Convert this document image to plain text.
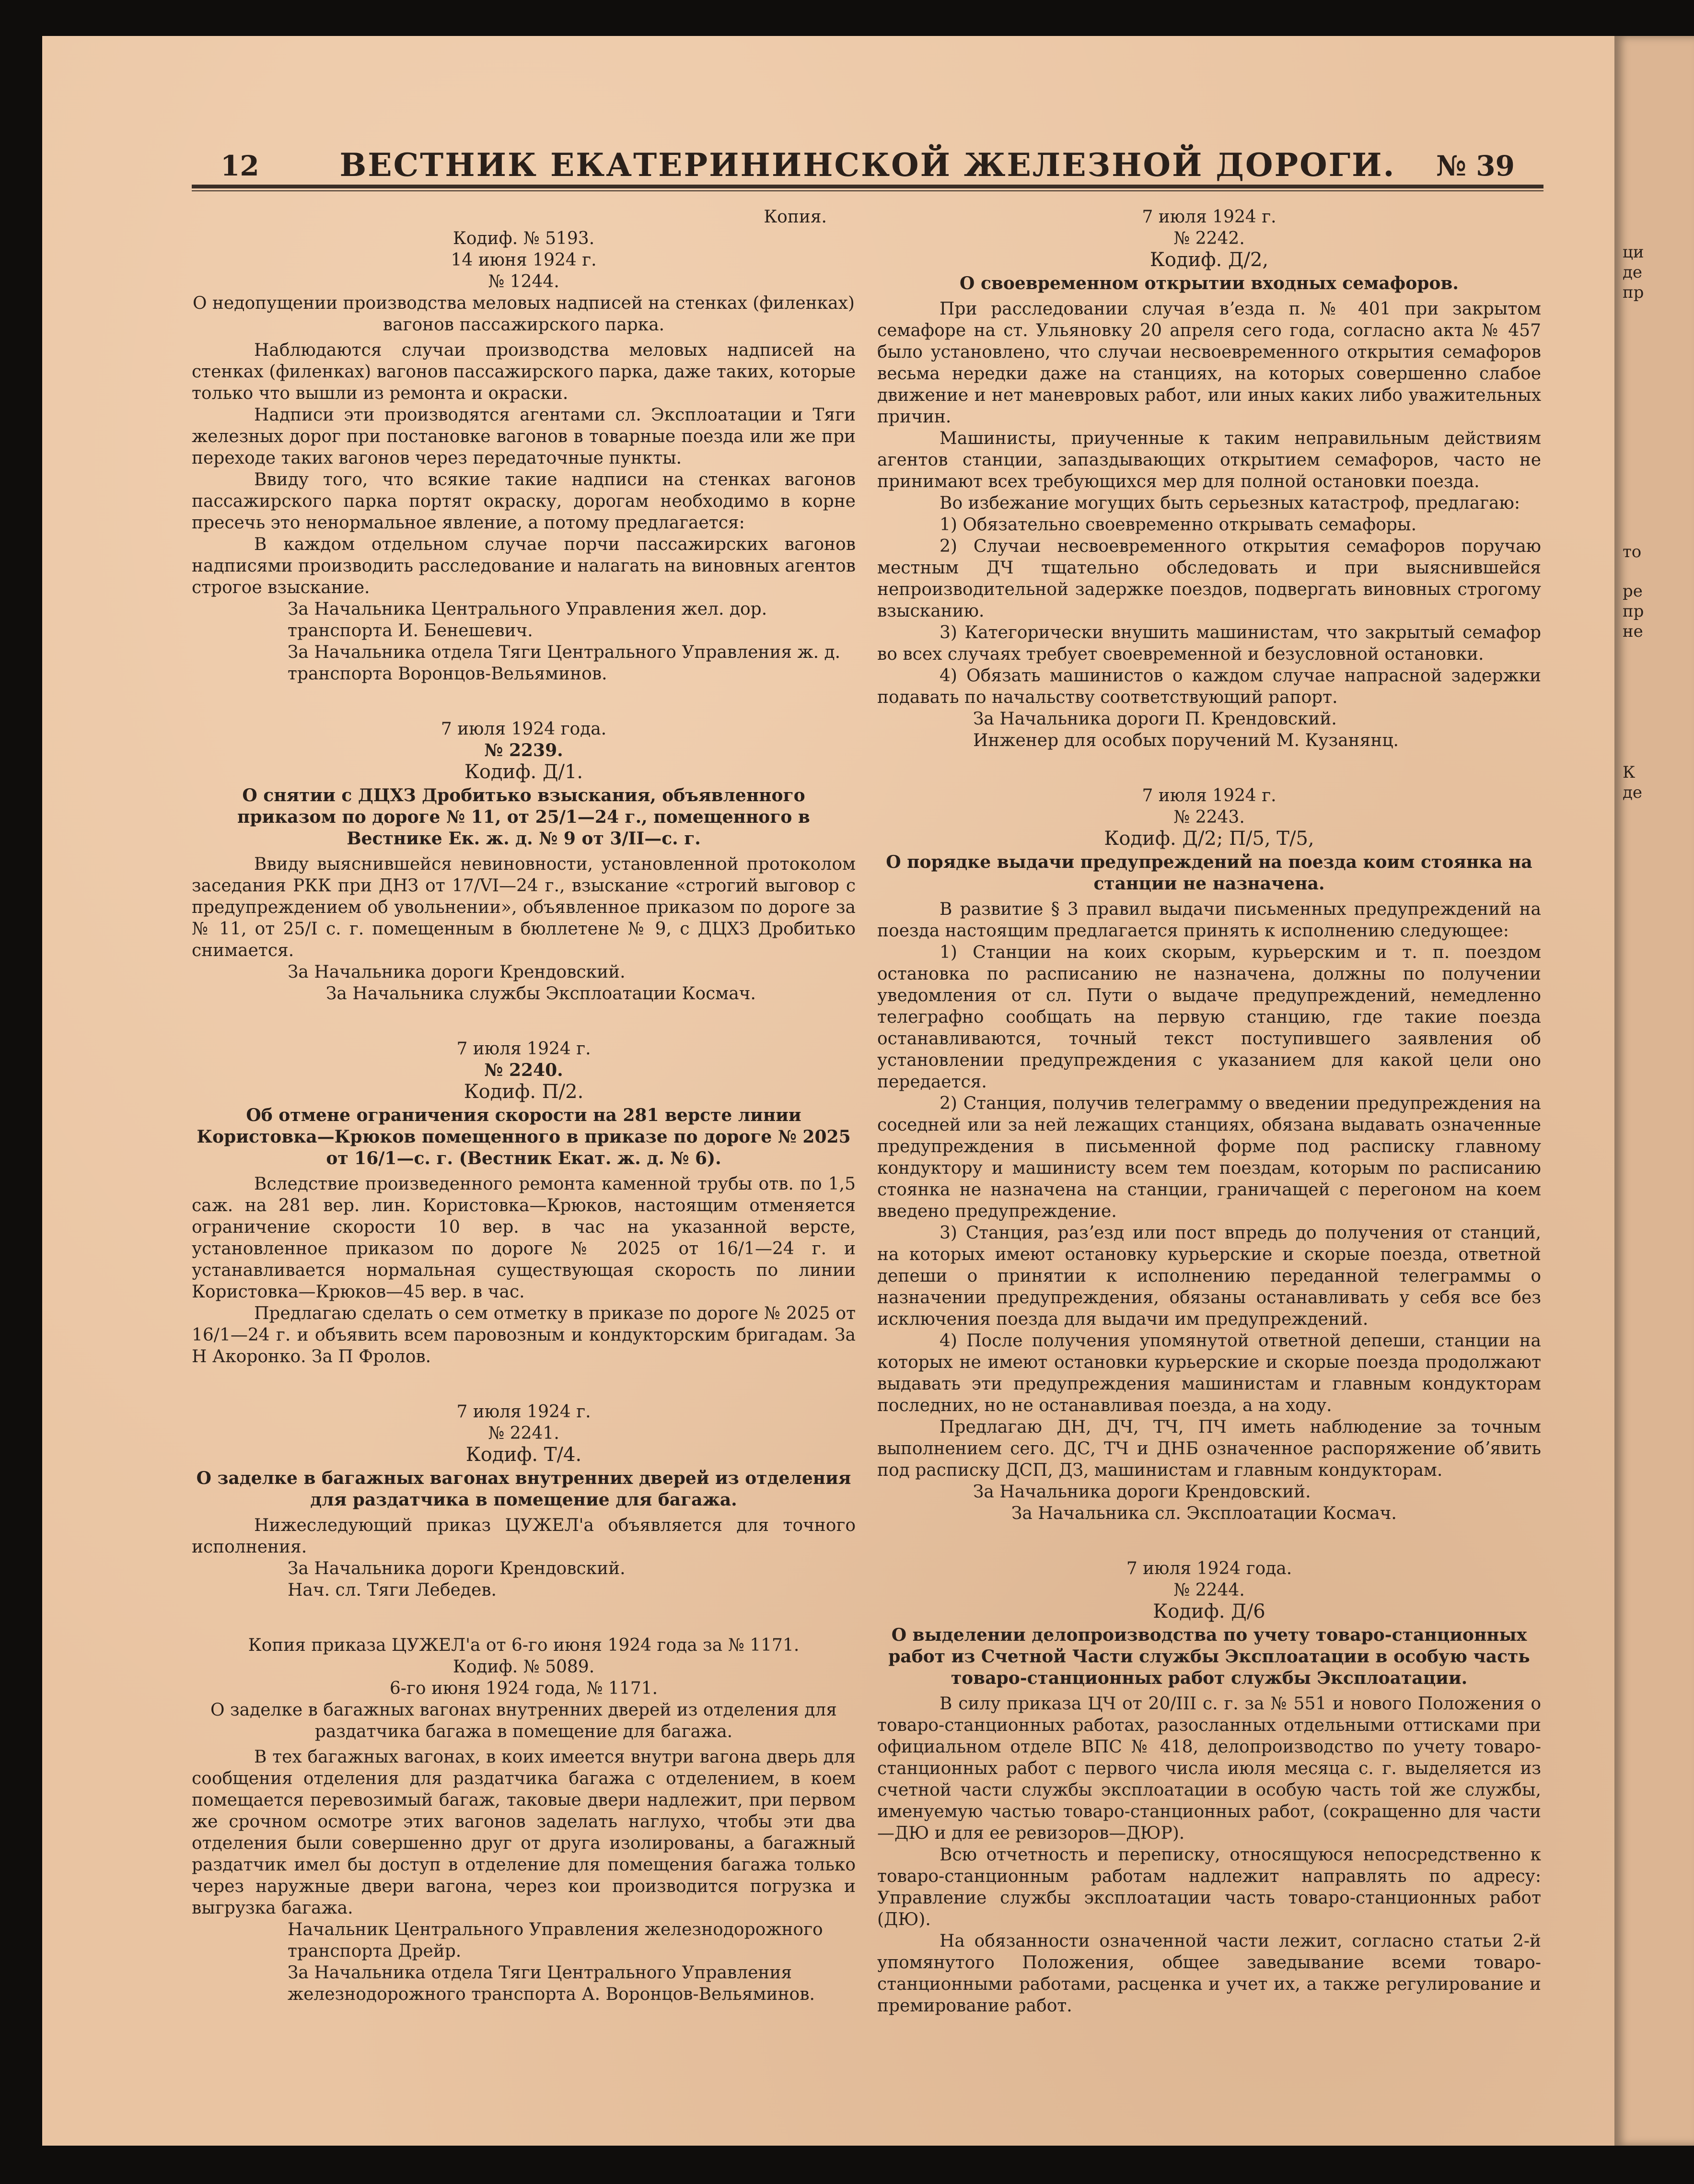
12	ВЕСТНИК ЕКАТЕРИНИНСКОЙ ЖЕЛЕЗНОЙ ДОРОГИ.	№ 39

Копия.

Кодиф. № 5193.

14 июня 1924 г.

№ 1244.

О недопущении производства меловых надписей на стенках (филенках) вагонов пассажирского парка.

Наблюдаются случаи производства меловых надписей на стенках (филенках) вагонов пассажирского парка, даже таких, которые только что вышли из ремонта и окраски.

Надписи эти производятся агентами сл. Эксплоатации и Тяги железных дорог при постановке вагонов в товарные поезда или же при переходе таких вагонов через передаточные пункты.

Ввиду того, что всякие такие надписи на стенках вагонов пассажирского парка портят окраску, дорогам необходимо в корне пресечь это ненормальное явление, а потому предлагается:

В каждом отдельном случае порчи пассажирских вагонов надписями производить расследование и налагать на виновных агентов строгое взыскание.

За Начальника Центрального Управления жел. дор. транспорта И. Бенешевич.

За Начальника отдела Тяги Центрального Управления ж. д. транспорта Воронцов-Вельяминов.

7 июля 1924 года.

№ 2239.

Кодиф. Д/1.

О снятии с ДЦХЗ Дробитько взыскания, объявленного приказом по дороге № 11, от 25/1—24 г., помещенного в Вестнике Ек. ж. д. № 9 от 3/II—с. г.

Ввиду выяснившейся невиновности, установленной протоколом заседания РКК при ДНЗ от 17/VI—24 г., взыскание «строгий выговор с предупреждением об увольнении», объявленное приказом по дороге за № 11, от 25/I с. г. помещенным в бюллетене № 9, с ДЦХЗ Дробитько снимается.

За Начальника дороги Крендовский.

За Начальника службы Эксплоатации Космач.

7 июля 1924 г.

№ 2240.

Кодиф. П/2.

Об отмене ограничения скорости на 281 версте линии Кориcтовка—Крюков помещенного в приказе по дороге № 2025 от 16/1—с. г. (Вестник Екат. ж. д. № 6).

Вследствие произведенного ремонта каменной трубы отв. по 1,5 саж. на 281 вер. лин. Кориcтовка—Крюков, настоящим отменяется ограничение скорости 10 вер. в час на указанной версте, установленное приказом по дороге № 2025 от 16/1—24 г. и устанавливается нормальная существующая скорость по линии Кориcтовка—Крюков—45 вер. в час.

Предлагаю сделать о сем отметку в приказе по дороге № 2025 от 16/1—24 г. и объявить всем паровозным и кондукторским бригадам. За Н Акоронко. За П Фролов.

7 июля 1924 г.

№ 2241.

Кодиф. Т/4.

О заделке в багажных вагонах внутренних дверей из отделения для раздатчика в помещение для багажа.

Нижеследующий приказ ЦУЖЕЛ'а объявляется для точного исполнения.

За Начальника дороги Крендовский.

Нач. сл. Тяги Лебедев.

Копия приказа ЦУЖЕЛ'а от 6-го июня 1924 года за № 1171.

Кодиф. № 5089.

6-го июня 1924 года, № 1171.

О заделке в багажных вагонах внутренних дверей из отделения для раздатчика багажа в помещение для багажа.

В тех багажных вагонах, в коих имеется внутри вагона дверь для сообщения отделения для раздатчика багажа с отделением, в коем помещается перевозимый багаж, таковые двери надлежит, при первом же срочном осмотре этих вагонов заделать наглухо, чтобы эти два отделения были совершенно друг от друга изолированы, а багажный раздатчик имел бы доступ в отделение для помещения багажа только через наружные двери вагона, через кои производится погрузка и выгрузка багажа.

Начальник Центрального Управления железнодорожного транспорта Дрейр.

За Начальника отдела Тяги Центрального Управления железнодорожного транспорта А. Воронцов-Вельяминов.

7 июля 1924 г.

№ 2242.

Кодиф. Д/2,

О своевременном открытии входных семафоров.

При расследовании случая вʼезда п. № 401 при закрытом семафоре на ст. Ульяновку 20 апреля сего года, согласно акта № 457 было установлено, что случаи несвоевременного открытия семафоров весьма нередки даже на станциях, на которых совершенно слабое движение и нет маневровых работ, или иных каких либо уважительных причин.

Машинисты, приученные к таким неправильным действиям агентов станции, запаздывающих открытием семафоров, часто не принимают всех требующихся мер для полной остановки поезда.

Во избежание могущих быть серьезных катастроф, предлагаю:

1) Обязательно своевременно открывать семафоры.

2) Случаи несвоевременного открытия семафоров поручаю местным ДЧ тщательно обследовать и при выяснившейся непроизводительной задержке поездов, подвергать виновных строгому взысканию.

3) Категорически внушить машинистам, что закрытый семафор во всех случаях требует своевременной и безусловной остановки.

4) Обязать машинистов о каждом случае напрасной задержки подавать по начальству соответствующий рапорт.

За Начальника дороги П. Крендовский.

Инженер для особых поручений М. Кузанянц.

7 июля 1924 г.

№ 2243.

Кодиф. Д/2; П/5, Т/5,

О порядке выдачи предупреждений на поезда коим стоянка на станции не назначена.

В развитие § 3 правил выдачи письменных предупреждений на поезда настоящим предлагается принять к исполнению следующее:

1) Станции на коих скорым, курьерским и т. п. поездом остановка по расписанию не назначена, должны по получении уведомления от сл. Пути о выдаче предупреждений, немедленно телеграфно сообщать на первую станцию, где такие поезда останавливаются, точный текст поступившего заявления об установлении предупреждения с указанием для какой цели оно передается.

2) Станция, получив телеграмму о введении предупреждения на соседней или за ней лежащих станциях, обязана выдавать означенные предупреждения в письменной форме под расписку главному кондуктору и машинисту всем тем поездам, которым по расписанию стоянка не назначена на станции, граничащей с перегоном на коем введено предупреждение.

3) Станция, разʼезд или пост впредь до получения от станций, на которых имеют остановку курьерские и скорые поезда, ответной депеши о принятии к исполнению переданной телеграммы о назначении предупреждения, обязаны останавливать у себя все без исключения поезда для выдачи им предупреждений.

4) После получения упомянутой ответной депеши, станции на которых не имеют остановки курьерские и скорые поезда продолжают выдавать эти предупреждения машинистам и главным кондукторам последних, но не останавливая поезда, а на ходу.

Предлагаю ДН, ДЧ, ТЧ, ПЧ иметь наблюдение за точным выполнением сего. ДС, ТЧ и ДНБ означенное распоряжение обʼявить под расписку ДСП, ДЗ, машинистам и главным кондукторам.

За Начальника дороги Крендовский.

За Начальника сл. Эксплоатации Космач.

7 июля 1924 года.

№ 2244.

Кодиф. Д/6

О выделении делопроизводства по учету товаро-станционных работ из Счетной Части службы Эксплоатации в особую часть товаро-станционных работ службы Эксплоатации.

В силу приказа ЦЧ от 20/III с. г. за № 551 и нового Положения о товаро-станционных работах, разосланных отдельными оттисками при официальном отделе ВПС № 418, делопроизводство по учету товаро-станционных работ с первого числа июля месяца с. г. выделяется из счетной части службы эксплоатации в особую часть той же службы, именуемую частью товаро-станционных работ, (сокращенно для части—ДЮ и для ее ревизоров—ДЮР).

Всю отчетность и переписку, относящуюся непосредственно к товаро-станционным работам надлежит направлять по адресу: Управление службы эксплоатации часть товаро-станционных работ (ДЮ).

На обязанности означенной части лежит, согласно статьи 2-й упомянутого Положения, общее заведывание всеми товаро-станционными работами, расценка и учет их, а также регулирование и премирование работ.

ци
де
пр
то
ре
пр
не
К
де
